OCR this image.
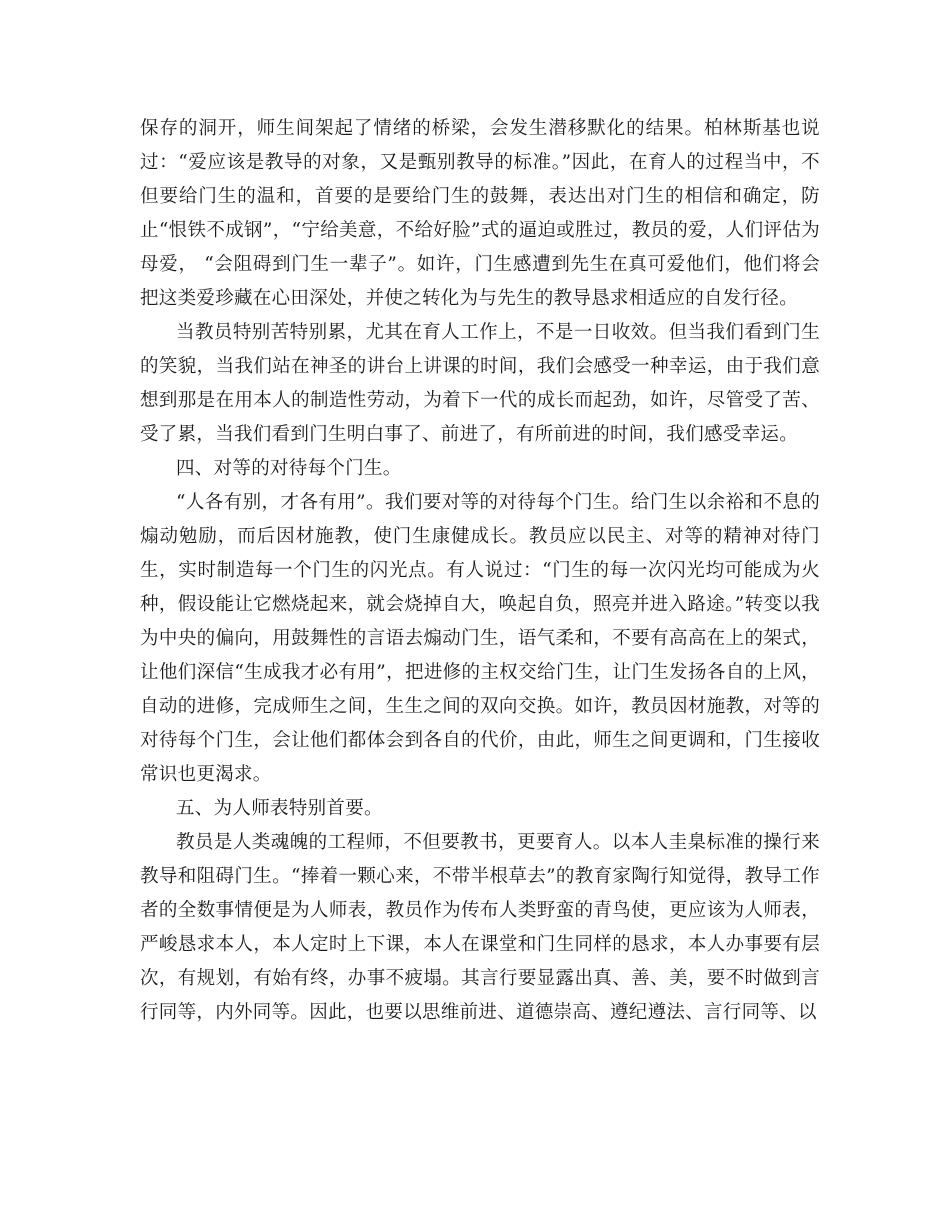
保存的洞开，师生间架起了情绪的桥梁，会发生潜移默化的结果。柏林斯基也说过：“爱应该是教导的对象，又是甄别教导的标准。”因此，在育人的过程当中，不但要给门生的温和，首要的是要给门生的鼓舞，表达出对门生的相信和确定，防止“恨铁不成钢”，“宁给美意，不给好脸”式的逼迫或胜过，教员的爱，人们评估为母爱， “会阻碍到门生一辈子”。如许，门生感遭到先生在真可爱他们，他们将会把这类爱珍藏在心田深处，并使之转化为与先生的教导恳求相适应的自发行径。

当教员特别苦特别累，尤其在育人工作上，不是一日收效。但当我们看到门生的笑貌，当我们站在神圣的讲台上讲课的时间，我们会感受一种幸运，由于我们意想到那是在用本人的制造性劳动，为着下一代的成长而起劲，如许，尽管受了苦、受了累，当我们看到门生明白事了、前进了，有所前进的时间，我们感受幸运。

四、对等的对待每个门生。

“人各有别，才各有用”。我们要对等的对待每个门生。给门生以余裕和不息的煽动勉励，而后因材施教，使门生康健成长。教员应以民主、对等的精神对待门生，实时制造每一个门生的闪光点。有人说过：“门生的每一次闪光均可能成为火种，假设能让它燃烧起来，就会烧掉自大，唤起自负，照亮并进入路途。”转变以我为中央的偏向，用鼓舞性的言语去煽动门生，语气柔和，不要有高高在上的架式，让他们深信“生成我才必有用”，把进修的主权交给门生，让门生发扬各自的上风，自动的进修，完成师生之间，生生之间的双向交换。如许，教员因材施教，对等的对待每个门生，会让他们都体会到各自的代价，由此，师生之间更调和，门生接收常识也更渴求。

五、为人师表特别首要。

教员是人类魂魄的工程师，不但要教书，更要育人。以本人圭臬标准的操行来教导和阻碍门生。“捧着一颗心来，不带半根草去”的教育家陶行知觉得，教导工作者的全数事情便是为人师表，教员作为传布人类野蛮的青鸟使，更应该为人师表，严峻恳求本人，本人定时上下课，本人在课堂和门生同样的恳求，本人办事要有层次，有规划，有始有终，办事不疲塌。其言行要显露出真、善、美，要不时做到言行同等，内外同等。因此，也要以思维前进、道德崇高、遵纪遵法、言行同等、以
